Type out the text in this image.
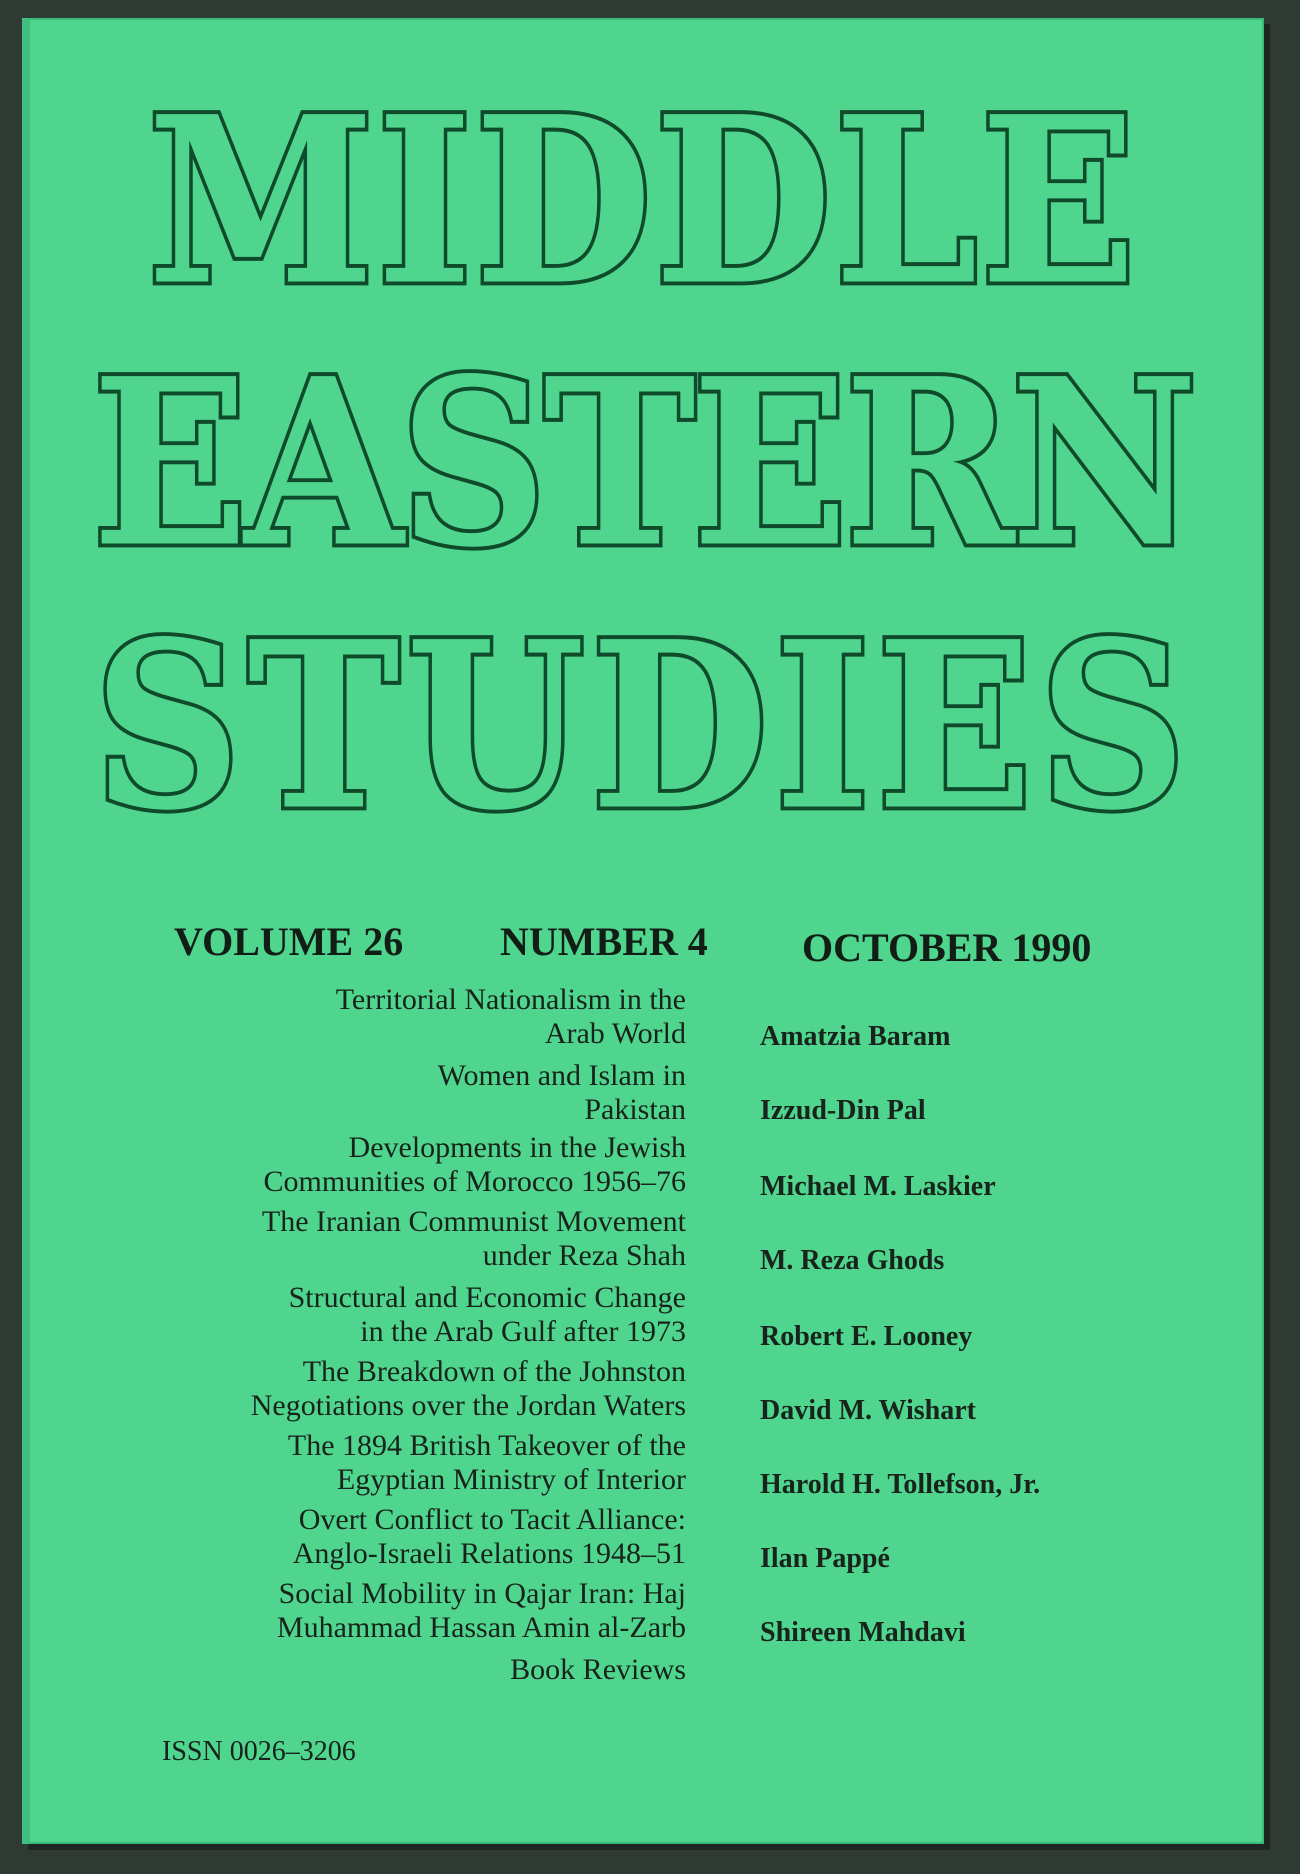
MIDDLE
EASTERN
STUDIES
VOLUME 26 NUMBER 4 OCTOBER 1990
Territorial Nationalism in the
Arab World	Amatzia Baram
Women and Islam in
Pakistan	Izzud-Din Pal
Developments in the Jewish
Communities of Morocco 1956–76	Michael M. Laskier
The Iranian Communist Movement
under Reza Shah	M. Reza Ghods
Structural and Economic Change
in the Arab Gulf after 1973	Robert E. Looney
The Breakdown of the Johnston
Negotiations over the Jordan Waters	David M. Wishart
The 1894 British Takeover of the
Egyptian Ministry of Interior	Harold H. Tollefson, Jr.
Overt Conflict to Tacit Alliance:
Anglo-Israeli Relations 1948–51	Ilan Pappé
Social Mobility in Qajar Iran: Haj
Muhammad Hassan Amin al-Zarb	Shireen Mahdavi
Book Reviews
ISSN 0026–3206
